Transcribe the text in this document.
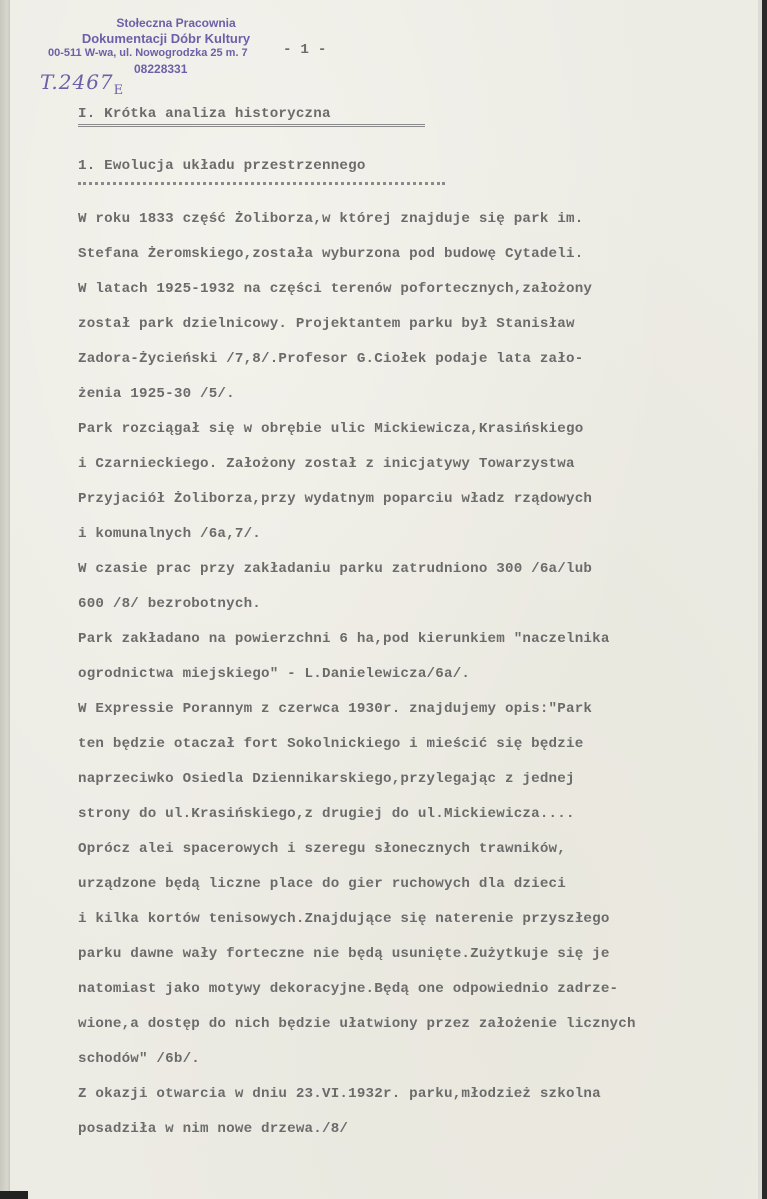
Stołeczna Pracownia
Dokumentacji Dóbr Kultury
00-511 W-wa, ul. Nowogrodzka 25 m. 7
08228331
$T.2467_E$
- 1 -
I. Krótka analiza historyczna
1. Ewolucja układu przestrzennego
W roku 1833 część Żoliborza,w której znajduje się park im.
Stefana Żeromskiego,została wyburzona pod budowę Cytadeli.
W latach 1925-1932 na części terenów pofortecznych,założony
został park dzielnicowy. Projektantem parku był Stanisław
Zadora-Życieński /7,8/.Profesor G.Ciołek podaje lata zało-
żenia 1925-30 /5/.
Park rozciągał się w obrębie ulic Mickiewicza,Krasińskiego
i Czarnieckiego. Założony został z inicjatywy Towarzystwa
Przyjaciół Żoliborza,przy wydatnym poparciu władz rządowych
i komunalnych /6a,7/.
W czasie prac przy zakładaniu parku zatrudniono 300 /6a/lub
600 /8/ bezrobotnych.
Park zakładano na powierzchni 6 ha,pod kierunkiem "naczelnika
ogrodnictwa miejskiego" - L.Danielewicza/6a/.
W Expressie Porannym z czerwca 1930r. znajdujemy opis:"Park
ten będzie otaczał fort Sokolnickiego i mieścić się będzie
naprzeciwko Osiedla Dziennikarskiego,przylegając z jednej
strony do ul.Krasińskiego,z drugiej do ul.Mickiewicza....
Oprócz alei spacerowych i szeregu słonecznych trawników,
urządzone będą liczne place do gier ruchowych dla dzieci
i kilka kortów tenisowych.Znajdujące się naterenie przyszłego
parku dawne wały forteczne nie będą usunięte.Zużytkuje się je
natomiast jako motywy dekoracyjne.Będą one odpowiednio zadrze-
wione,a dostęp do nich będzie ułatwiony przez założenie licznych
schodów" /6b/.
Z okazji otwarcia w dniu 23.VI.1932r. parku,młodzież szkolna
posadziła w nim nowe drzewa./8/
